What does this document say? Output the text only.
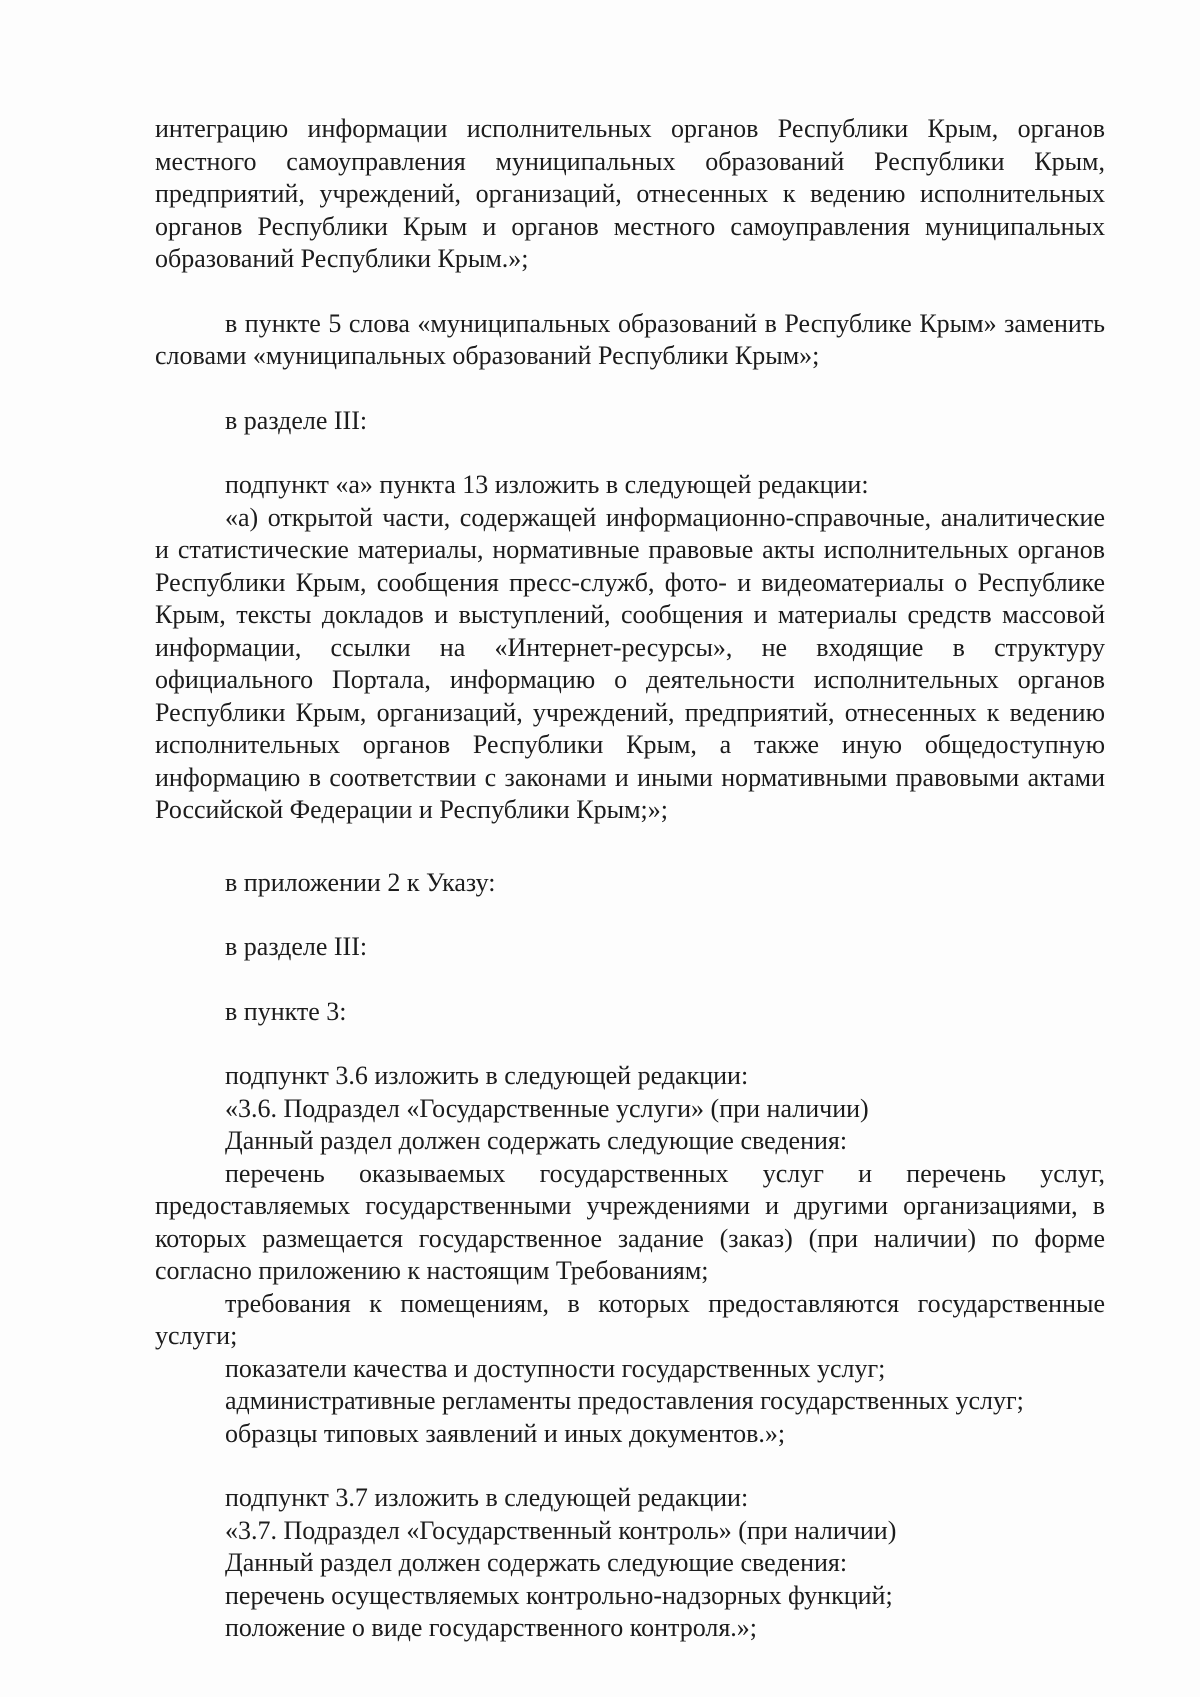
интеграцию информации исполнительных органов Республики Крым, органов местного самоуправления муниципальных образований Республики Крым, предприятий, учреждений, организаций, отнесенных к ведению исполнительных органов Республики Крым и органов местного самоуправления муниципальных образований Республики Крым.»;

в пункте 5 слова «муниципальных образований в Республике Крым» заменить словами «муниципальных образований Республики Крым»;

в разделе III:

подпункт «а» пункта 13 изложить в следующей редакции:

«а) открытой части, содержащей информационно-справочные, аналитические и статистические материалы, нормативные правовые акты исполнительных органов Республики Крым, сообщения пресс-служб, фото- и видеоматериалы о Республике Крым, тексты докладов и выступлений, сообщения и материалы средств массовой информации, ссылки на «Интернет-ресурсы», не входящие в структуру официального Портала, информацию о деятельности исполнительных органов Республики Крым, организаций, учреждений, предприятий, отнесенных к ведению исполнительных органов Республики Крым, а также иную общедоступную информацию в соответствии с законами и иными нормативными правовыми актами Российской Федерации и Республики Крым;»;

в приложении 2 к Указу:

в разделе III:

в пункте 3:

подпункт 3.6 изложить в следующей редакции:

«3.6. Подраздел «Государственные услуги» (при наличии)

Данный раздел должен содержать следующие сведения:

перечень оказываемых государственных услуг и перечень услуг, предоставляемых государственными учреждениями и другими организациями, в которых размещается государственное задание (заказ) (при наличии) по форме согласно приложению к настоящим Требованиям;

требования к помещениям, в которых предоставляются государственные услуги;

показатели качества и доступности государственных услуг;

административные регламенты предоставления государственных услуг;

образцы типовых заявлений и иных документов.»;

подпункт 3.7 изложить в следующей редакции:

«3.7. Подраздел «Государственный контроль» (при наличии)

Данный раздел должен содержать следующие сведения:

перечень осуществляемых контрольно-надзорных функций;

положение о виде государственного контроля.»;
